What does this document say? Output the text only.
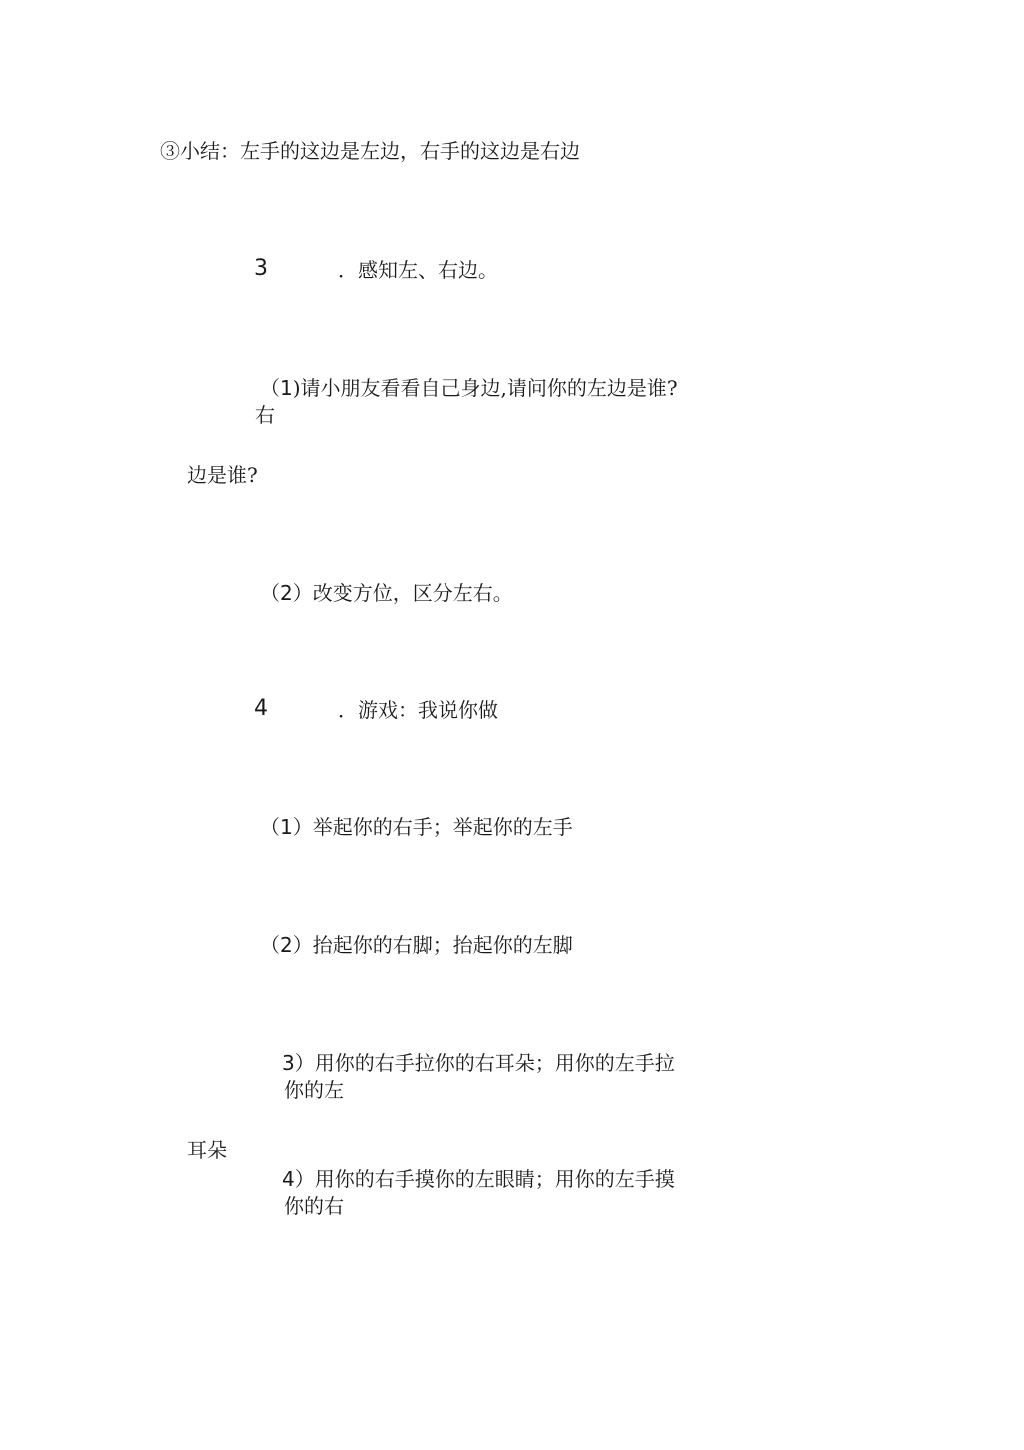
③小结：左手的这边是左边，右手的这边是右边
3	．感知左、右边。
（1)请小朋友看看自己身边,请问你的左边是谁?
右
边是谁?
（2）改变方位，区分左右。
4	．游戏：我说你做
（1）举起你的右手；举起你的左手
（2）抬起你的右脚；抬起你的左脚
3）用你的右手拉你的右耳朵；用你的左手拉
你的左
耳朵
4）用你的右手摸你的左眼睛；用你的左手摸
你的右
